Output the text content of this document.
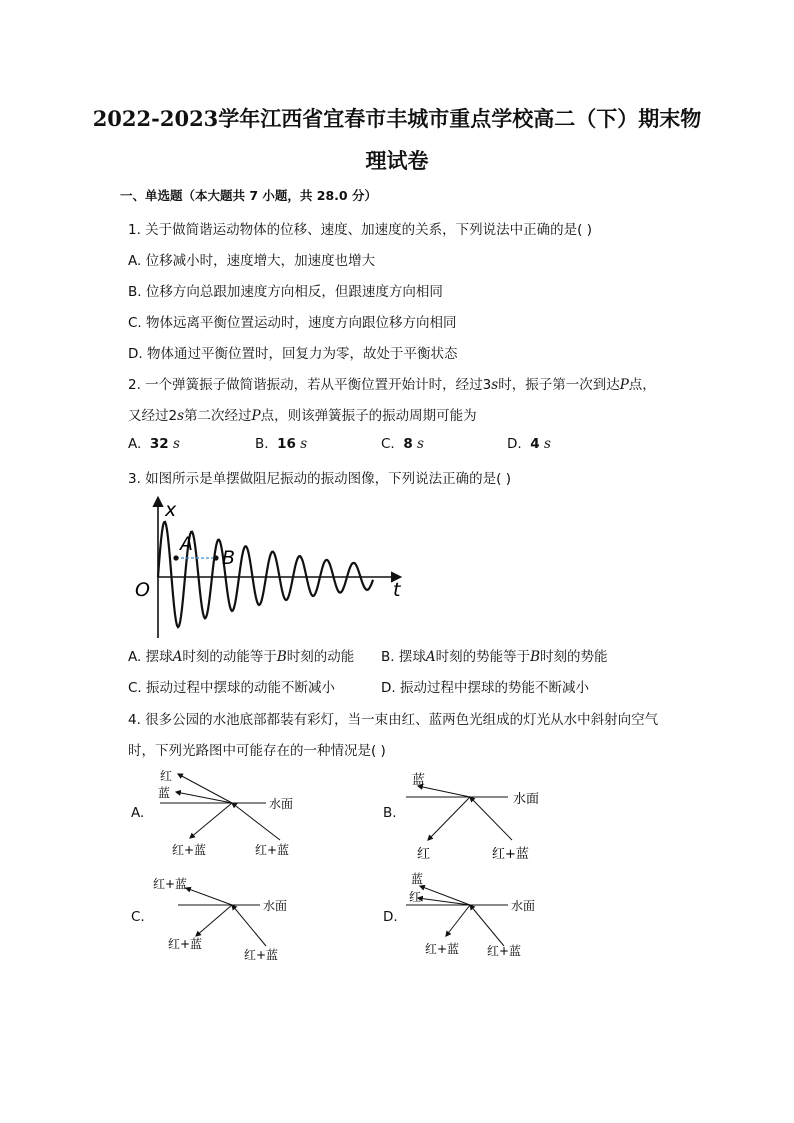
2022-2023学年江西省宜春市丰城市重点学校高二（下）期末物
理试卷
一、单选题（本大题共 7 小题，共 28.0 分）
1. 关于做简谐运动物体的位移、速度、加速度的关系，下列说法中正确的是( )
A. 位移减小时，速度增大，加速度也增大
B. 位移方向总跟加速度方向相反，但跟速度方向相同
C. 物体远离平衡位置运动时，速度方向跟位移方向相同
D. 物体通过平衡位置时，回复力为零，故处于平衡状态
2. 一个弹簧振子做简谐振动，若从平衡位置开始计时，经过3s时，振子第一次到达P点，
又经过2s第二次经过P点，则该弹簧振子的振动周期可能为
A. 32 s	B. 16 s	C. 8 s	D. 4 s
3. 如图所示是单摆做阻尼振动的振动图像，下列说法正确的是( )
x
A
B
O	t
A. 摆球A时刻的动能等于B时刻的动能 B. 摆球A时刻的势能等于B时刻的势能
C. 振动过程中摆球的动能不断减小	D. 振动过程中摆球的势能不断减小
4. 很多公园的水池底部都装有彩灯，当一束由红、蓝两色光组成的灯光从水中斜射向空气
时，下列光路图中可能存在的一种情况是( )
A.
红
蓝
水面
红+蓝	红+蓝
B.
蓝
水面
红	红+蓝
C.
红+蓝
水面
红+蓝
红+蓝
D.
蓝
红
水面
红+蓝 红+蓝
